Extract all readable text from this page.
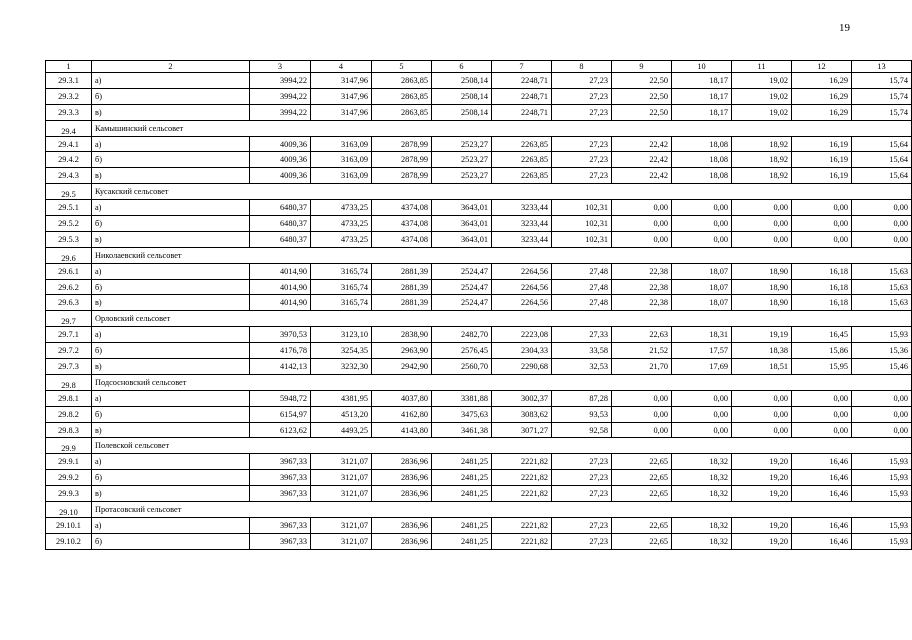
19
1	2	3	4	5	6	7	8	9	10	11	12	13
29.3.1	а)	3994,22	3147,96	2863,85	2508,14	2248,71	27,23	22,50	18,17	19,02	16,29	15,74
29.3.2	б)	3994,22	3147,96	2863,85	2508,14	2248,71	27,23	22,50	18,17	19,02	16,29	15,74
29.3.3	в)	3994,22	3147,96	2863,85	2508,14	2248,71	27,23	22,50	18,17	19,02	16,29	15,74
29.4	Камышинский сельсовет											
29.4.1	а)	4009,36	3163,09	2878,99	2523,27	2263,85	27,23	22,42	18,08	18,92	16,19	15,64
29.4.2	б)	4009,36	3163,09	2878,99	2523,27	2263,85	27,23	22,42	18,08	18,92	16,19	15,64
29.4.3	в)	4009,36	3163,09	2878,99	2523,27	2263,85	27,23	22,42	18,08	18,92	16,19	15,64
29.5	Кусакский сельсовет											
29.5.1	а)	6480,37	4733,25	4374,08	3643,01	3233,44	102,31	0,00	0,00	0,00	0,00	0,00
29.5.2	б)	6480,37	4733,25	4374,08	3643,01	3233,44	102,31	0,00	0,00	0,00	0,00	0,00
29.5.3	в)	6480,37	4733,25	4374,08	3643,01	3233,44	102,31	0,00	0,00	0,00	0,00	0,00
29.6	Николаевский сельсовет											
29.6.1	а)	4014,90	3165,74	2881,39	2524,47	2264,56	27,48	22,38	18,07	18,90	16,18	15,63
29.6.2	б)	4014,90	3165,74	2881,39	2524,47	2264,56	27,48	22,38	18,07	18,90	16,18	15,63
29.6.3	в)	4014,90	3165,74	2881,39	2524,47	2264,56	27,48	22,38	18,07	18,90	16,18	15,63
29.7	Орловский сельсовет											
29.7.1	а)	3970,53	3123,10	2838,90	2482,70	2223,08	27,33	22,63	18,31	19,19	16,45	15,93
29.7.2	б)	4176,78	3254,35	2963,90	2576,45	2304,33	33,58	21,52	17,57	18,38	15,86	15,36
29.7.3	в)	4142,13	3232,30	2942,90	2560,70	2290,68	32,53	21,70	17,69	18,51	15,95	15,46
29.8	Подсосновский сельсовет											
29.8.1	а)	5948,72	4381,95	4037,80	3381,88	3002,37	87,28	0,00	0,00	0,00	0,00	0,00
29.8.2	б)	6154,97	4513,20	4162,80	3475,63	3083,62	93,53	0,00	0,00	0,00	0,00	0,00
29.8.3	в)	6123,62	4493,25	4143,80	3461,38	3071,27	92,58	0,00	0,00	0,00	0,00	0,00
29.9	Полевской сельсовет											
29.9.1	а)	3967,33	3121,07	2836,96	2481,25	2221,82	27,23	22,65	18,32	19,20	16,46	15,93
29.9.2	б)	3967,33	3121,07	2836,96	2481,25	2221,82	27,23	22,65	18,32	19,20	16,46	15,93
29.9.3	в)	3967,33	3121,07	2836,96	2481,25	2221,82	27,23	22,65	18,32	19,20	16,46	15,93
29.10	Протасовский сельсовет											
29.10.1	а)	3967,33	3121,07	2836,96	2481,25	2221,82	27,23	22,65	18,32	19,20	16,46	15,93
29.10.2	б)	3967,33	3121,07	2836,96	2481,25	2221,82	27,23	22,65	18,32	19,20	16,46	15,93
